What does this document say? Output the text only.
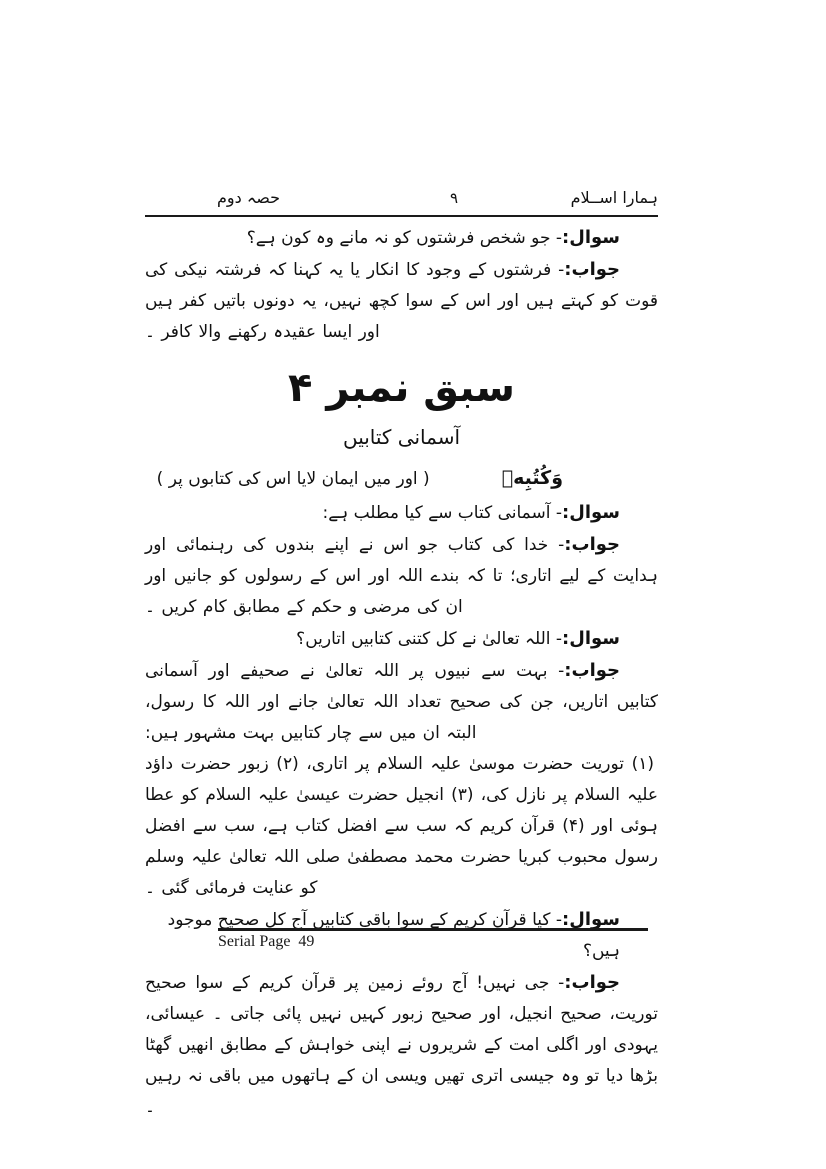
حصہ دوم	۹	ہمارا اســلام

سوال:- جو شخص فرشتوں کو نہ مانے وہ کون ہے؟

جواب:- فرشتوں کے وجود کا انکار یا یہ کہنا کہ فرشتہ نیکی کی قوت کو کہتے ہیں اور اس کے سوا کچھ نہیں، یہ دونوں باتیں کفر ہیں اور ایسا عقیدہ رکھنے والا کافر ۔

سبق نمبر ۴
آسمانی کتابیں
وَكُتُبِهٖ
( اور میں ایمان لایا اس کی کتابوں پر )

سوال:- آسمانی کتاب سے کیا مطلب ہے:

جواب:- خدا کی کتاب جو اس نے اپنے بندوں کی رہنمائی اور ہدایت کے لیے اتاری؛ تا کہ بندے اللہ اور اس کے رسولوں کو جانیں اور ان کی مرضی و حکم کے مطابق کام کریں ۔

سوال:- اللہ تعالیٰ نے کل کتنی کتابیں اتاریں؟

جواب:- بہت سے نبیوں پر اللہ تعالیٰ نے صحیفے اور آسمانی کتابیں اتاریں، جن کی صحیح تعداد اللہ تعالیٰ جانے اور اللہ کا رسول، البتہ ان میں سے چار کتابیں بہت مشہور ہیں:

(۱) توریت حضرت موسیٰ علیہ السلام پر اتاری، (۲) زبور حضرت داؤد علیہ السلام پر نازل کی، (۳) انجیل حضرت عیسیٰ علیہ السلام کو عطا ہوئی اور (۴) قرآن کریم کہ سب سے افضل کتاب ہے، سب سے افضل رسول محبوب کبریا حضرت محمد مصطفیٰ صلی اللہ تعالیٰ علیہ وسلم کو عنایت فرمائی گئی ۔

سوال:- کیا قرآن کریم کے سوا باقی کتابیں آج کل صحیح موجود ہیں؟

جواب:- جی نہیں! آج روئے زمین پر قرآن کریم کے سوا صحیح توریت، صحیح انجیل، اور صحیح زبور کہیں نہیں پائی جاتی ۔ عیسائی، یہودی اور اگلی امت کے شریروں نے اپنی خواہش کے مطابق انھیں گھٹا بڑھا دیا تو وہ جیسی اتری تھیں ویسی ان کے ہاتھوں میں باقی نہ رہیں ۔

Serial Page  49
